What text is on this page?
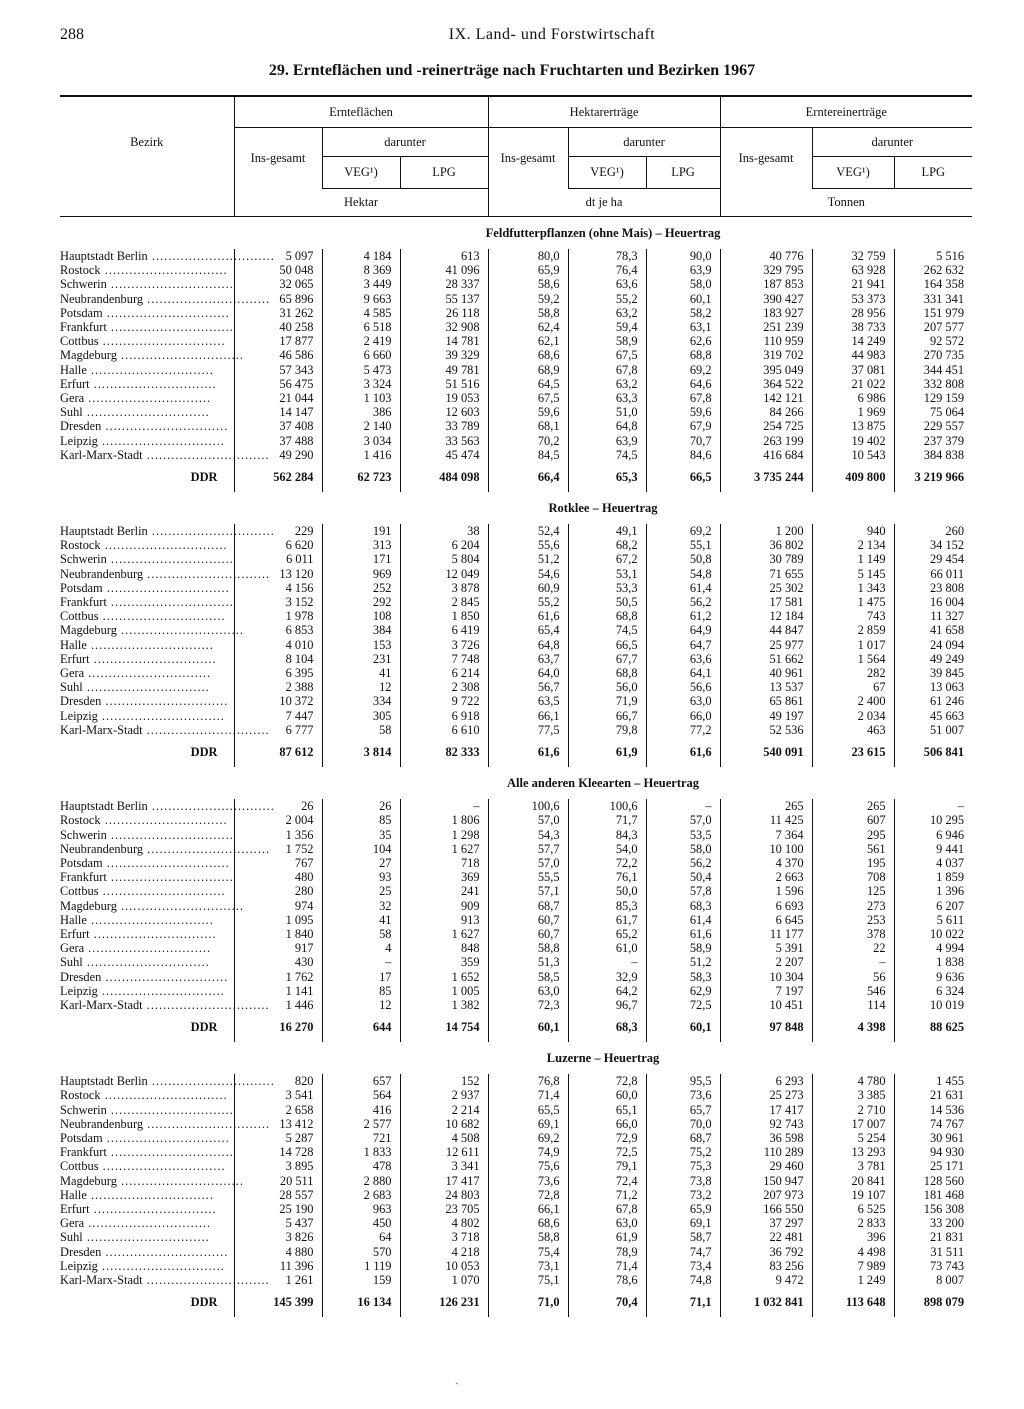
288	IX. Land- und Forstwirtschaft
29. Ernteflächen und -reinerträge nach Fruchtarten und Bezirken 1967
Bezirk	Ernteflächen			Hektarerträge			Erntereinerträge		
	Ins-gesamt	darunter		Ins-gesamt	darunter		Ins-gesamt	darunter	
		VEG¹)	LPG		VEG¹)	LPG		VEG¹)	LPG
	Hektar			dt je ha			Tonnen		
	Feldfutterpflanzen (ohne Mais) – Heuertrag								
Hauptstadt Berlin ..............................	5 097	4 184	613	80,0	78,3	90,0	40 776	32 759	5 516
Rostock ..............................	50 048	8 369	41 096	65,9	76,4	63,9	329 795	63 928	262 632
Schwerin ..............................	32 065	3 449	28 337	58,6	63,6	58,0	187 853	21 941	164 358
Neubrandenburg ..............................	65 896	9 663	55 137	59,2	55,2	60,1	390 427	53 373	331 341
Potsdam ..............................	31 262	4 585	26 118	58,8	63,2	58,2	183 927	28 956	151 979
Frankfurt ..............................	40 258	6 518	32 908	62,4	59,4	63,1	251 239	38 733	207 577
Cottbus ..............................	17 877	2 419	14 781	62,1	58,9	62,6	110 959	14 249	92 572
Magdeburg ..............................	46 586	6 660	39 329	68,6	67,5	68,8	319 702	44 983	270 735
Halle ..............................	57 343	5 473	49 781	68,9	67,8	69,2	395 049	37 081	344 451
Erfurt ..............................	56 475	3 324	51 516	64,5	63,2	64,6	364 522	21 022	332 808
Gera ..............................	21 044	1 103	19 053	67,5	63,3	67,8	142 121	6 986	129 159
Suhl ..............................	14 147	386	12 603	59,6	51,0	59,6	84 266	1 969	75 064
Dresden ..............................	37 408	2 140	33 789	68,1	64,8	67,9	254 725	13 875	229 557
Leipzig ..............................	37 488	3 034	33 563	70,2	63,9	70,7	263 199	19 402	237 379
Karl-Marx-Stadt ..............................	49 290	1 416	45 474	84,5	74,5	84,6	416 684	10 543	384 838
DDR	562 284	62 723	484 098	66,4	65,3	66,5	3 735 244	409 800	3 219 966
	Rotklee – Heuertrag								
Hauptstadt Berlin ..............................	229	191	38	52,4	49,1	69,2	1 200	940	260
Rostock ..............................	6 620	313	6 204	55,6	68,2	55,1	36 802	2 134	34 152
Schwerin ..............................	6 011	171	5 804	51,2	67,2	50,8	30 789	1 149	29 454
Neubrandenburg ..............................	13 120	969	12 049	54,6	53,1	54,8	71 655	5 145	66 011
Potsdam ..............................	4 156	252	3 878	60,9	53,3	61,4	25 302	1 343	23 808
Frankfurt ..............................	3 152	292	2 845	55,2	50,5	56,2	17 581	1 475	16 004
Cottbus ..............................	1 978	108	1 850	61,6	68,8	61,2	12 184	743	11 327
Magdeburg ..............................	6 853	384	6 419	65,4	74,5	64,9	44 847	2 859	41 658
Halle ..............................	4 010	153	3 726	64,8	66,5	64,7	25 977	1 017	24 094
Erfurt ..............................	8 104	231	7 748	63,7	67,7	63,6	51 662	1 564	49 249
Gera ..............................	6 395	41	6 214	64,0	68,8	64,1	40 961	282	39 845
Suhl ..............................	2 388	12	2 308	56,7	56,0	56,6	13 537	67	13 063
Dresden ..............................	10 372	334	9 722	63,5	71,9	63,0	65 861	2 400	61 246
Leipzig ..............................	7 447	305	6 918	66,1	66,7	66,0	49 197	2 034	45 663
Karl-Marx-Stadt ..............................	6 777	58	6 610	77,5	79,8	77,2	52 536	463	51 007
DDR	87 612	3 814	82 333	61,6	61,9	61,6	540 091	23 615	506 841
	Alle anderen Kleearten – Heuertrag								
Hauptstadt Berlin ..............................	26	26	–	100,6	100,6	–	265	265	–
Rostock ..............................	2 004	85	1 806	57,0	71,7	57,0	11 425	607	10 295
Schwerin ..............................	1 356	35	1 298	54,3	84,3	53,5	7 364	295	6 946
Neubrandenburg ..............................	1 752	104	1 627	57,7	54,0	58,0	10 100	561	9 441
Potsdam ..............................	767	27	718	57,0	72,2	56,2	4 370	195	4 037
Frankfurt ..............................	480	93	369	55,5	76,1	50,4	2 663	708	1 859
Cottbus ..............................	280	25	241	57,1	50,0	57,8	1 596	125	1 396
Magdeburg ..............................	974	32	909	68,7	85,3	68,3	6 693	273	6 207
Halle ..............................	1 095	41	913	60,7	61,7	61,4	6 645	253	5 611
Erfurt ..............................	1 840	58	1 627	60,7	65,2	61,6	11 177	378	10 022
Gera ..............................	917	4	848	58,8	61,0	58,9	5 391	22	4 994
Suhl ..............................	430	–	359	51,3	–	51,2	2 207	–	1 838
Dresden ..............................	1 762	17	1 652	58,5	32,9	58,3	10 304	56	9 636
Leipzig ..............................	1 141	85	1 005	63,0	64,2	62,9	7 197	546	6 324
Karl-Marx-Stadt ..............................	1 446	12	1 382	72,3	96,7	72,5	10 451	114	10 019
DDR	16 270	644	14 754	60,1	68,3	60,1	97 848	4 398	88 625
	Luzerne – Heuertrag								
Hauptstadt Berlin ..............................	820	657	152	76,8	72,8	95,5	6 293	4 780	1 455
Rostock ..............................	3 541	564	2 937	71,4	60,0	73,6	25 273	3 385	21 631
Schwerin ..............................	2 658	416	2 214	65,5	65,1	65,7	17 417	2 710	14 536
Neubrandenburg ..............................	13 412	2 577	10 682	69,1	66,0	70,0	92 743	17 007	74 767
Potsdam ..............................	5 287	721	4 508	69,2	72,9	68,7	36 598	5 254	30 961
Frankfurt ..............................	14 728	1 833	12 611	74,9	72,5	75,2	110 289	13 293	94 930
Cottbus ..............................	3 895	478	3 341	75,6	79,1	75,3	29 460	3 781	25 171
Magdeburg ..............................	20 511	2 880	17 417	73,6	72,4	73,8	150 947	20 841	128 560
Halle ..............................	28 557	2 683	24 803	72,8	71,2	73,2	207 973	19 107	181 468
Erfurt ..............................	25 190	963	23 705	66,1	67,8	65,9	166 550	6 525	156 308
Gera ..............................	5 437	450	4 802	68,6	63,0	69,1	37 297	2 833	33 200
Suhl ..............................	3 826	64	3 718	58,8	61,9	58,7	22 481	396	21 831
Dresden ..............................	4 880	570	4 218	75,4	78,9	74,7	36 792	4 498	31 511
Leipzig ..............................	11 396	1 119	10 053	73,1	71,4	73,4	83 256	7 989	73 743
Karl-Marx-Stadt ..............................	1 261	159	1 070	75,1	78,6	74,8	9 472	1 249	8 007
DDR	145 399	16 134	126 231	71,0	70,4	71,1	1 032 841	113 648	898 079
ˋ
